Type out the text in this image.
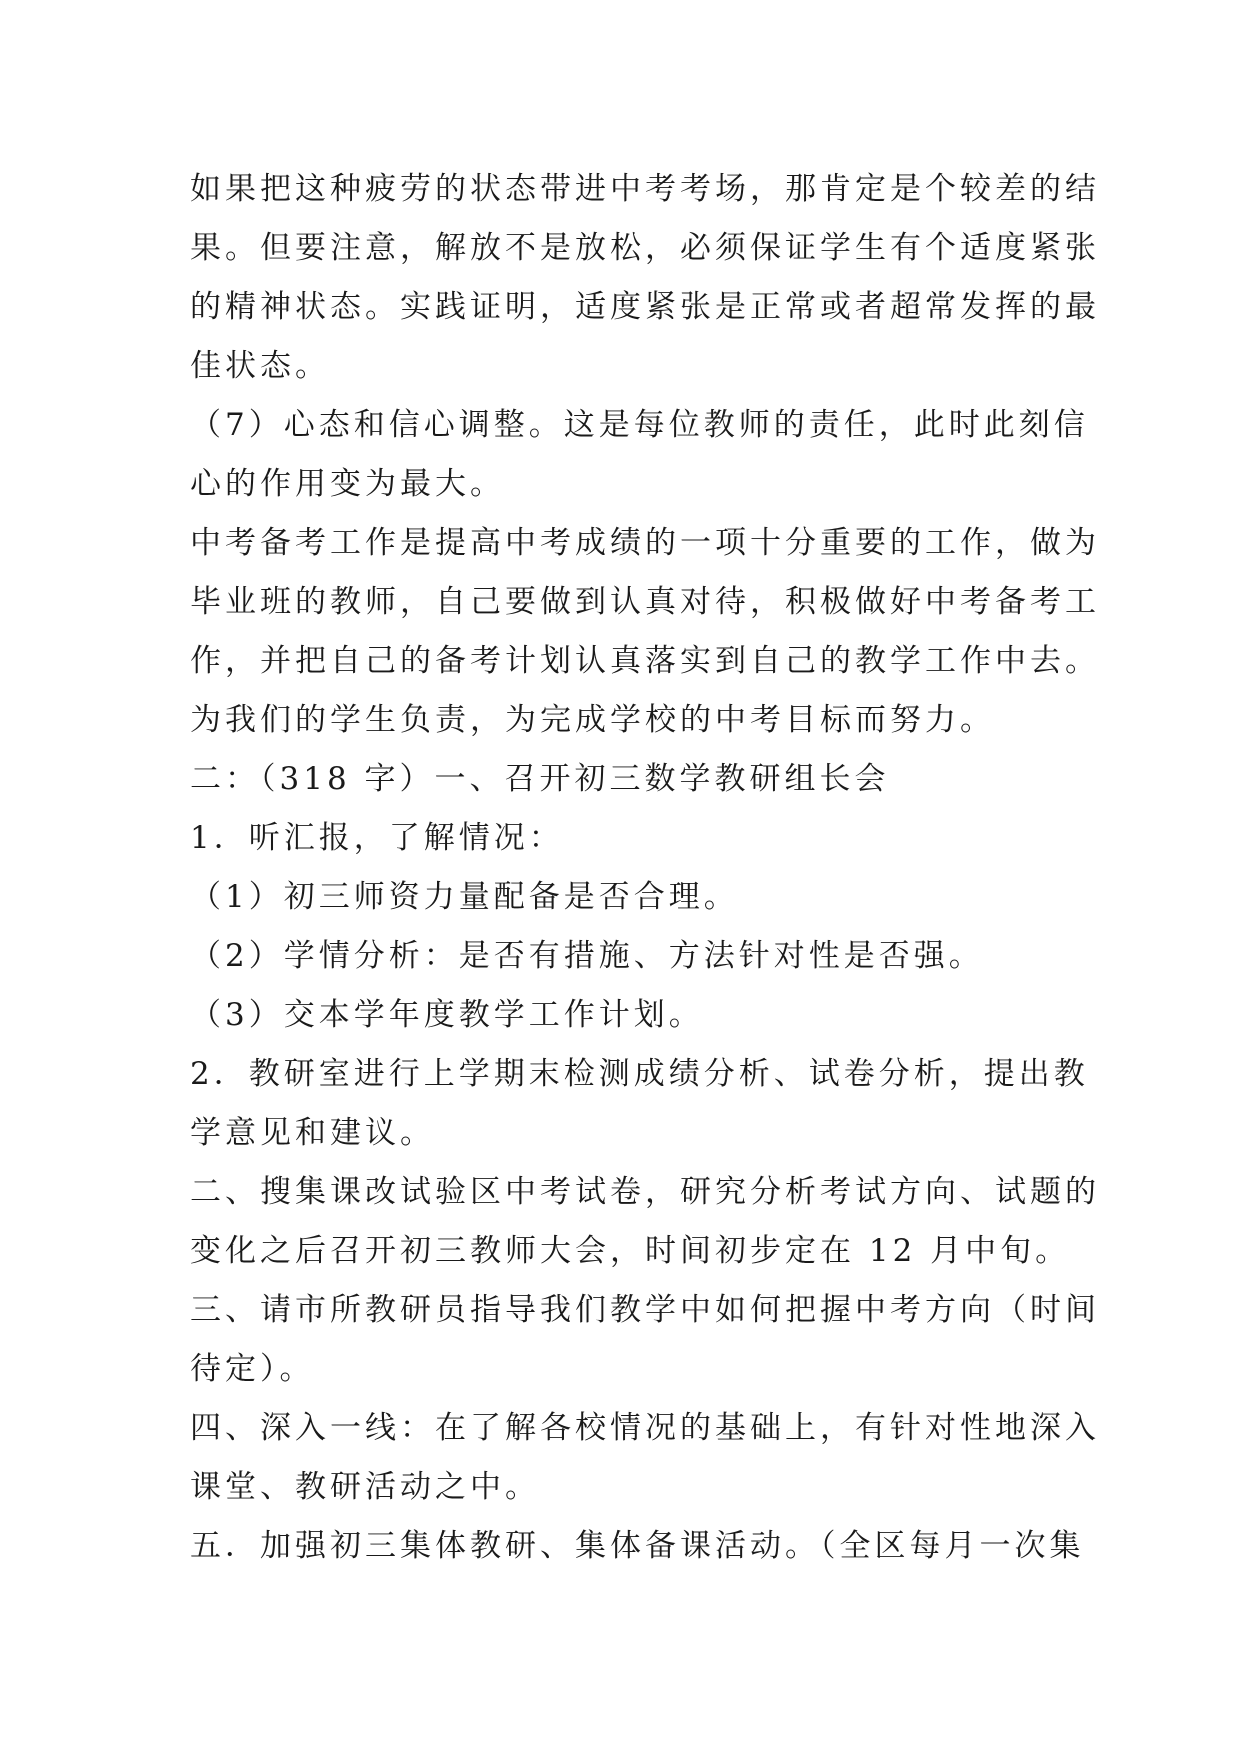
如果把这种疲劳的状态带进中考考场，那肯定是个较差的结
果。但要注意，解放不是放松，必须保证学生有个适度紧张
的精神状态。实践证明，适度紧张是正常或者超常发挥的最
佳状态。
（7）心态和信心调整。这是每位教师的责任，此时此刻信
心的作用变为最大。
中考备考工作是提高中考成绩的一项十分重要的工作，做为
毕业班的教师，自己要做到认真对待，积极做好中考备考工
作，并把自己的备考计划认真落实到自己的教学工作中去。
为我们的学生负责，为完成学校的中考目标而努力。
二：（318 字）一、召开初三数学教研组长会
1．听汇报，了解情况：
（1）初三师资力量配备是否合理。
（2）学情分析：是否有措施、方法针对性是否强。
（3）交本学年度教学工作计划。
2．教研室进行上学期末检测成绩分析、试卷分析，提出教
学意见和建议。
二、搜集课改试验区中考试卷，研究分析考试方向、试题的
变化之后召开初三教师大会，时间初步定在 12 月中旬。
三、请市所教研员指导我们教学中如何把握中考方向（时间
待定）。
四、深入一线：在了解各校情况的基础上，有针对性地深入
课堂、教研活动之中。
五．加强初三集体教研、集体备课活动。（全区每月一次集
